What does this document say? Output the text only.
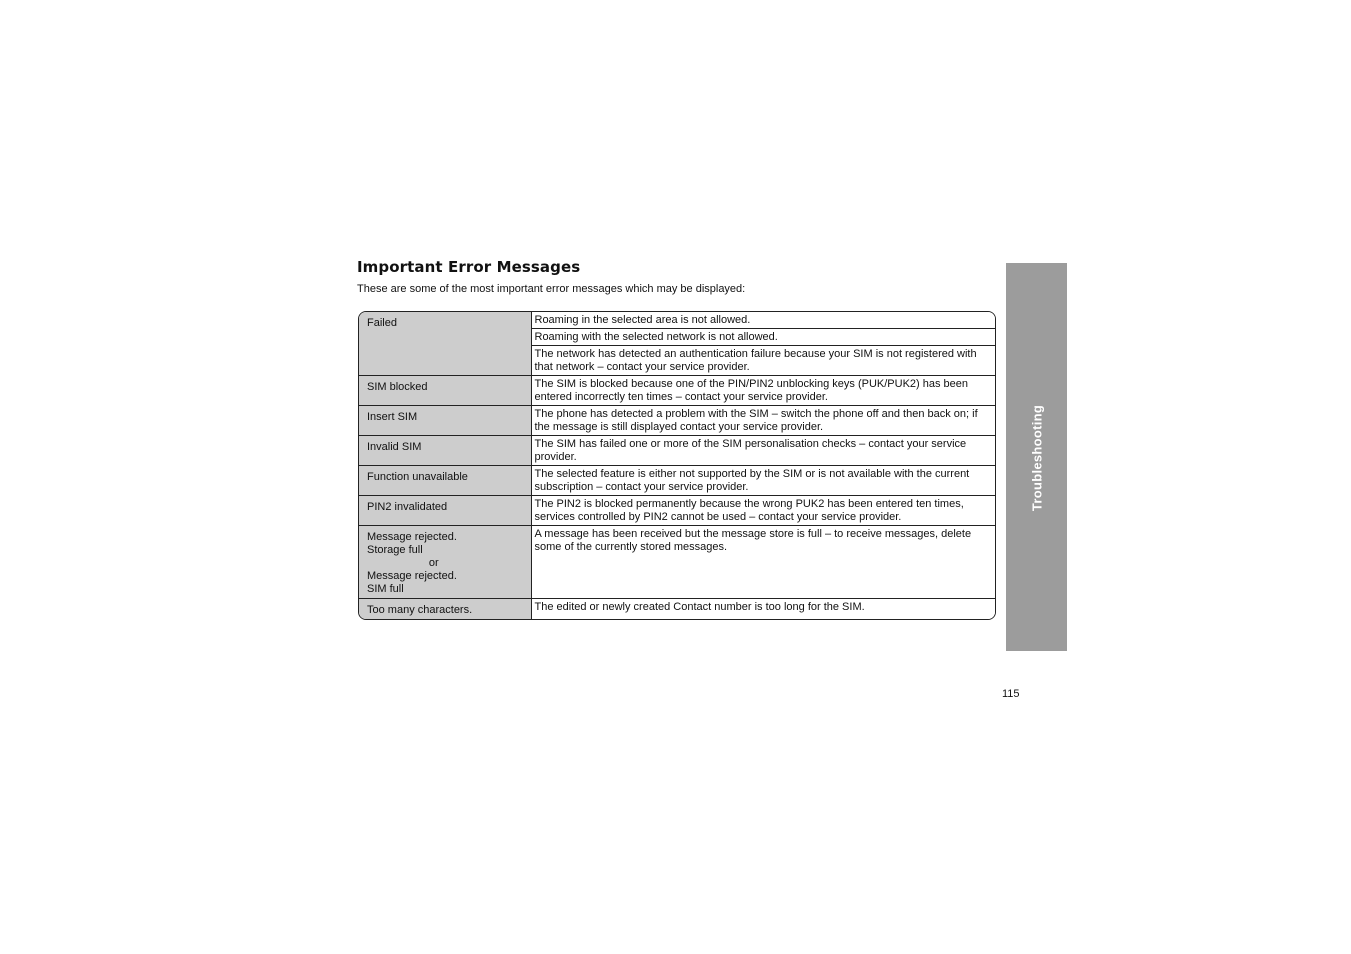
Important Error Messages
These are some of the most important error messages which may be displayed:
Failed	Roaming in the selected area is not allowed.
	Roaming with the selected network is not allowed.
	The network has detected an authentication failure because your SIM is not registered with that network – contact your service provider.

SIM blocked	The SIM is blocked because one of the PIN/PIN2 unblocking keys (PUK/PUK2) has been entered incorrectly ten times – contact your service provider.

Insert SIM	The phone has detected a problem with the SIM – switch the phone off and then back on; if the message is still displayed contact your service provider.

Invalid SIM	The SIM has failed one or more of the SIM personalisation checks – contact your service provider.

Function unavailable	The selected feature is either not supported by the SIM or is not available with the current subscription – contact your service provider.

PIN2 invalidated	The PIN2 is blocked permanently because the wrong PUK2 has been entered ten times, services controlled by PIN2 cannot be used – contact your service provider.

Message rejected.
Storage full
or
Message rejected.
SIM full	A message has been received but the message store is full – to receive messages, delete some of the currently stored messages.

Too many characters.	The edited or newly created Contact number is too long for the SIM.
Troubleshooting
115
